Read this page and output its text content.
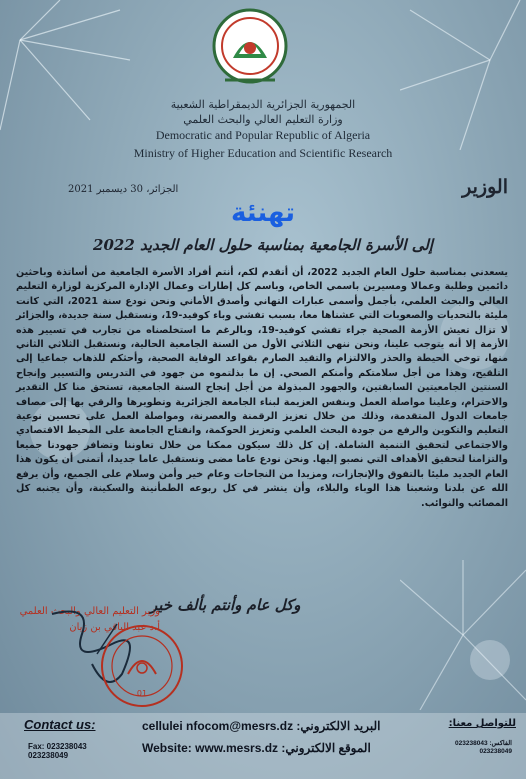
الجمهورية الجزائرية الديمقراطية الشعبية
وزارة التعليم العالي والبحث العلمي
Democratic and Popular Republic of Algeria
Ministry of Higher Education and Scientific Research
الوزير
الجزائر، 30 ديسمبر 2021
تهنئة
إلى الأسرة الجامعية بمناسبة حلول العام الجديد 2022
يسعدني بمناسبة حلول العام الجديد 2022، أن أتقدم لكم، أنتم أفراد الأسرة الجامعية من أساتذة وباحثين دائمين وطلبة وعمالا ومسيرين باسمي الخاص، وباسم كل إطارات وعمال الإدارة المركزية لوزارة التعليم العالي والبحث العلمي، بأجمل وأسمى عبارات التهاني وأصدق الأماني ونحن نودع سنة 2021، التي كانت مليئة بالتحديات والصعوبات التي عشناها معا، بسبب تفشي وباء كوفيد-19، ونستقبل سنة جديدة، والجزائر لا تزال تعيش الأزمة الصحية جراء تفشي كوفيد-19، وبالرغم ما استخلصناه من تجارب في تسيير هذه الأزمة إلا أنه يتوجب علينا، ونحن ننهي الثلاثي الأول من السنة الجامعية الحالية، ونستقبل الثلاثي الثاني منها، توخي الحيطة والحذر والالتزام والتقيد الصارم بقواعد الوقاية الصحية، وأحثكم للذهاب جماعيا إلى التلقيح، وهذا من أجل سلامتكم وأمنكم الصحي. إن ما بذلتموه من جهود في التدريس والتسيير وإنجاح السنتين الجامعيتين السابقتين، والجهود المبذولة من أجل إنجاح السنة الجامعية، تستحق منا كل التقدير والاحترام، وعلينا مواصلة العمل وبنفس العزيمة لبناء الجامعة الجزائرية وتطويرها والرقي بها إلى مصاف جامعات الدول المتقدمة، وذلك من خلال تعزيز الرقمنة والعصرنة، ومواصلة العمل على تحسين نوعية التعليم والتكوين والرفع من جودة البحث العلمي وتعزيز الحوكمة، وانفتاح الجامعة على المحيط الاقتصادي والاجتماعي لتحقيق التنمية الشاملة. إن كل ذلك سيكون ممكنا من خلال تعاوننا وتضافر جهودنا جميعا والتزامنا لتحقيق الأهداف التي نصبو إليها. ونحن نودع عاما مضى ونستقبل عاما جديدا، أتمنى أن يكون هذا العام الجديد مليئا بالتفوق والإنجازات، ومزيدا من النجاحات وعام خير وأمن وسلام على الجميع، وأن يرفع الله عن بلدنا وشعبنا هذا الوباء والبلاء، وأن ينشر في كل ربوعه الطمأنينة والسكينة، وأن يجنبه كل المصائب والنوائب.
وكل عام وأنتم بألف خير
وزير التعليم العالي والبحث العلمي
أ.د عبد الباقي بن زيان
01
Contact us:
Fax: 023238043
023238049
البريد الالكتروني: cellulei nfocom@mesrs.dz
الموقع الالكتروني: Website: www.mesrs.dz
للتواصل معنا:
الفاكس: 023238043
023238049
